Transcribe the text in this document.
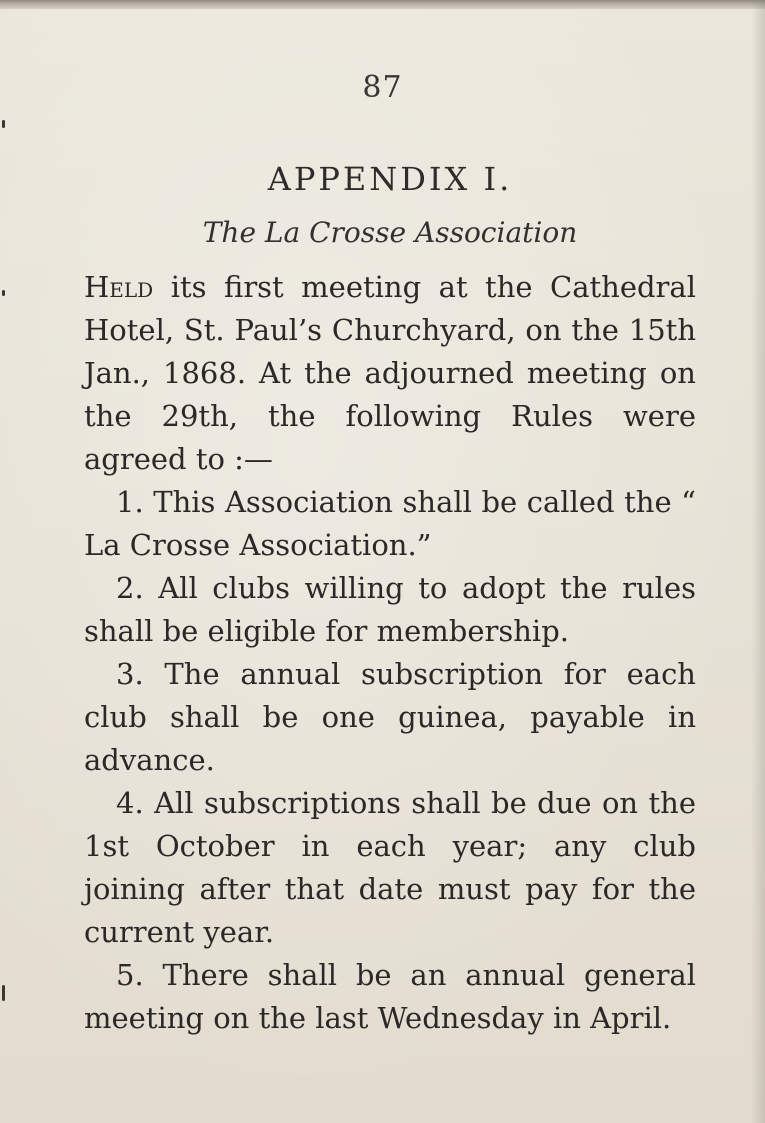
87
APPENDIX I.
The La Crosse Association

Held its first meeting at the Cathedral Hotel, St. Paul’s Churchyard, on the 15th Jan., 1868. At the adjourned meeting on the 29th, the following Rules were agreed to :—

1. This Association shall be called the “ La Crosse Association.”

2. All clubs willing to adopt the rules shall be eligible for membership.

3. The annual subscription for each club shall be one guinea, payable in advance.

4. All subscriptions shall be due on the 1st October in each year; any club joining after that date must pay for the current year.

5. There shall be an annual general meeting on the last Wednesday in April.
